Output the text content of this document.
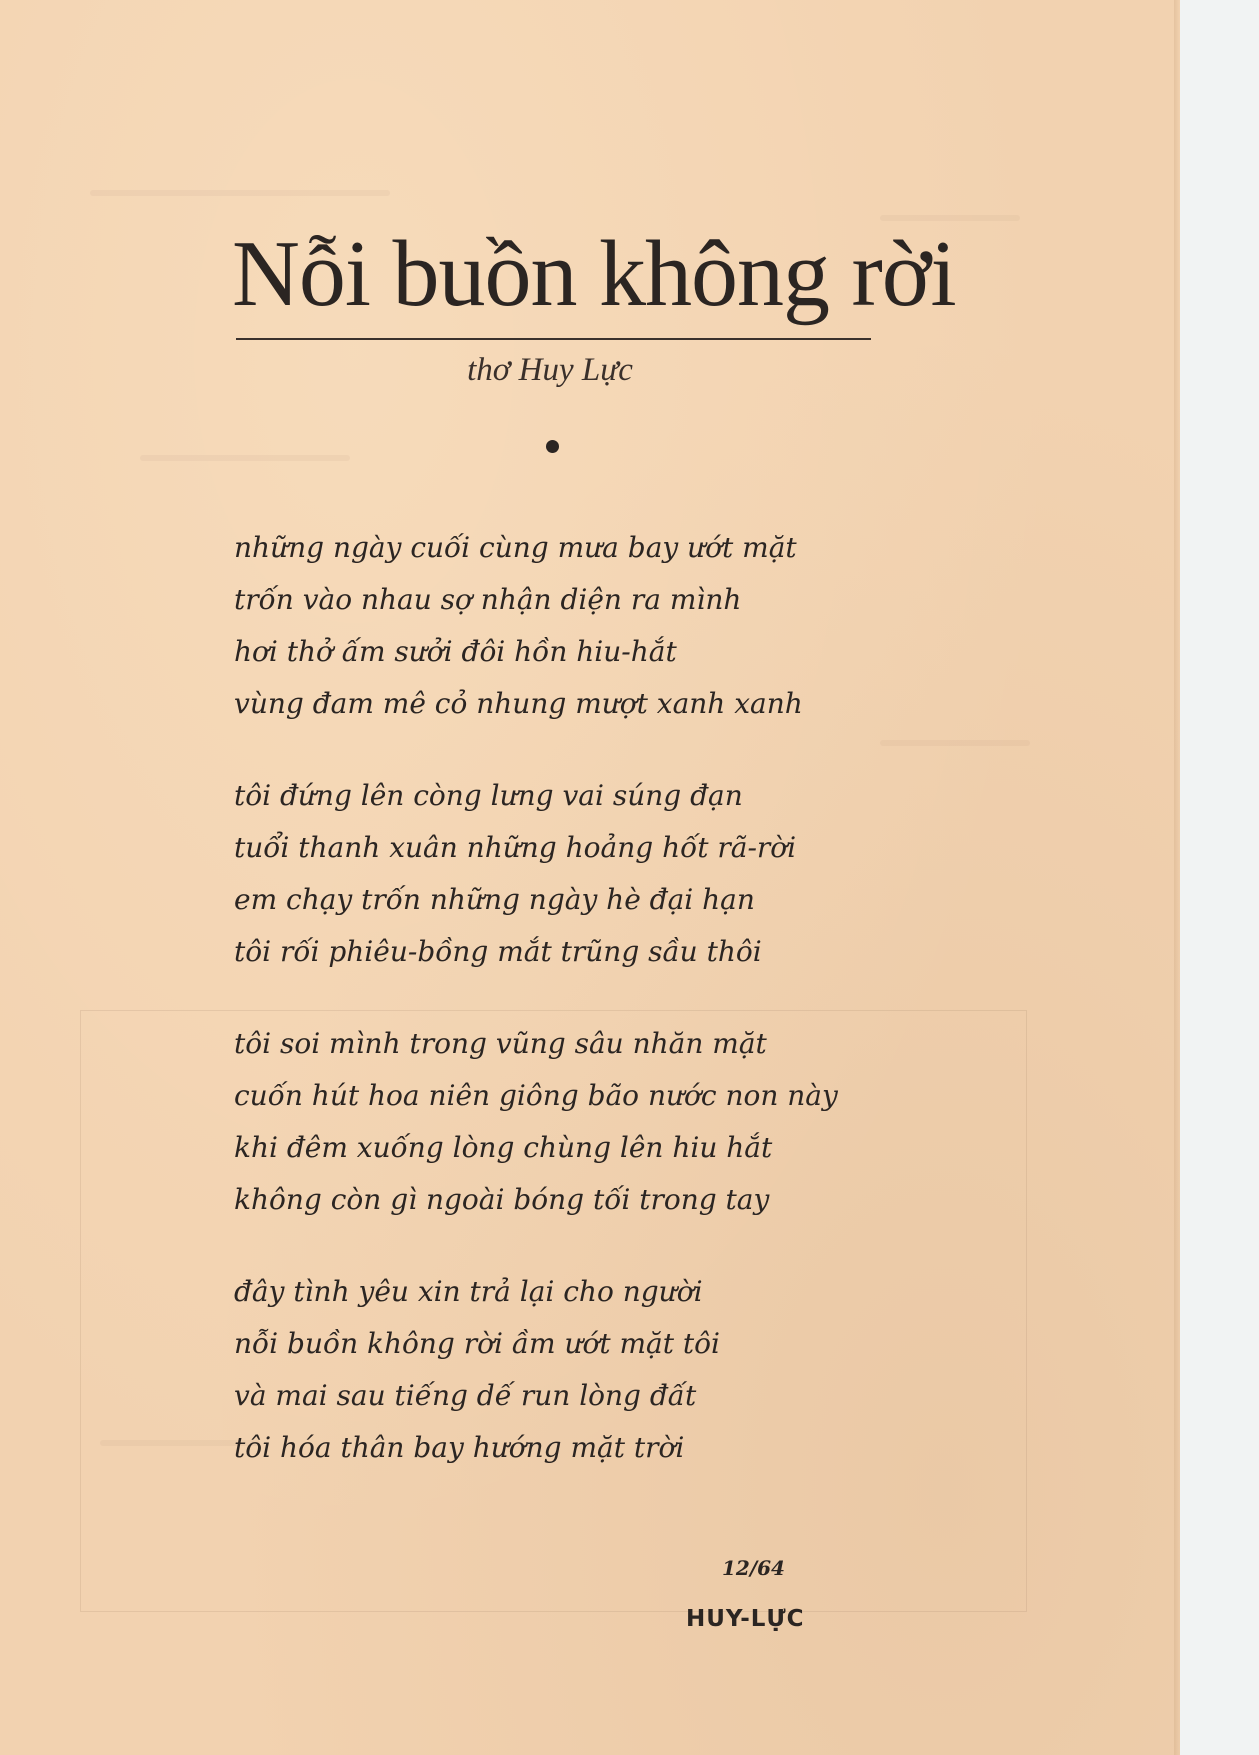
Nỗi buồn không rời
thơ Huy Lực
những ngày cuối cùng mưa bay ướt mặt
trốn vào nhau sợ nhận diện ra mình
hơi thở ấm sưởi đôi hồn hiu-hắt
vùng đam mê cỏ nhung mượt xanh xanh
tôi đứng lên còng lưng vai súng đạn
tuổi thanh xuân những hoảng hốt rã-rời
em chạy trốn những ngày hè đại hạn
tôi rối phiêu-bồng mắt trũng sầu thôi
tôi soi mình trong vũng sâu nhăn mặt
cuốn hút hoa niên giông bão nước non này
khi đêm xuống lòng chùng lên hiu hắt
không còn gì ngoài bóng tối trong tay
đây tình yêu xin trả lại cho người
nỗi buồn không rời ầm ướt mặt tôi
và mai sau tiếng dế run lòng đất
tôi hóa thân bay hướng mặt trời
12/64
HUY-LỰC
